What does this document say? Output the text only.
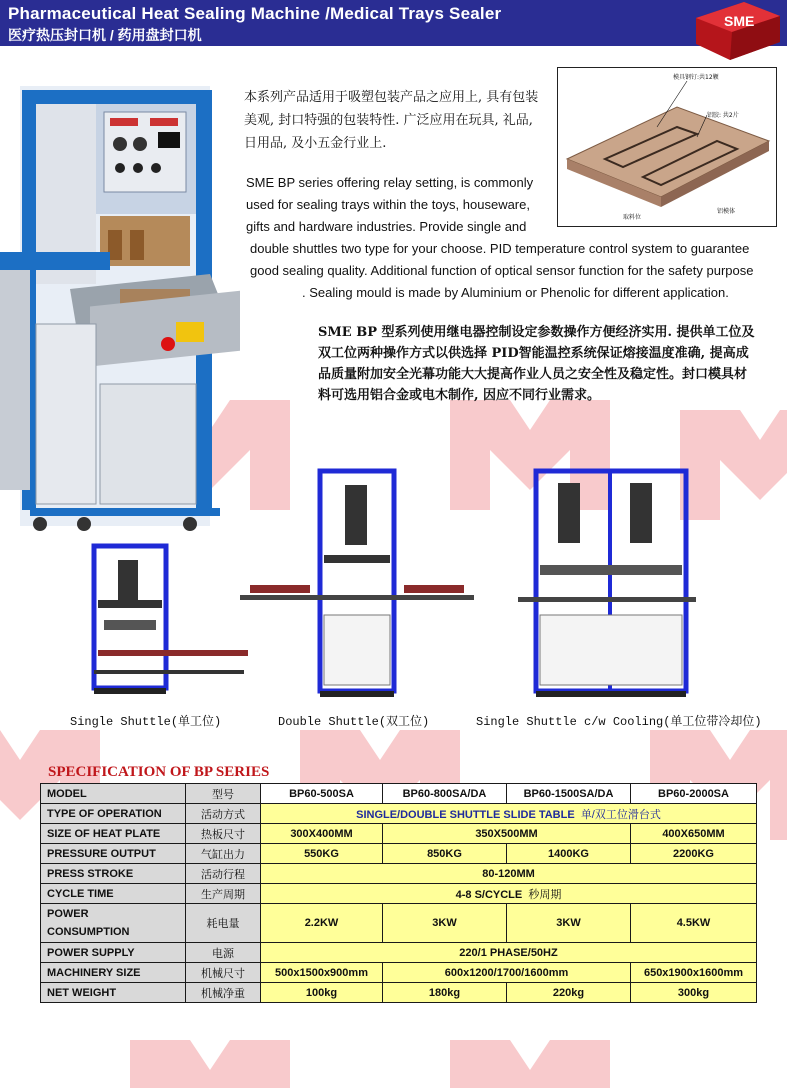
Pharmaceutical Heat Sealing Machine /Medical Trays Sealer
医疗热压封口机 / 药用盘封口机
SME
本系列产品适用于吸塑包装产品之应用上, 具有包装美观, 封口特强的包装特性. 广泛应用在玩具, 礼品, 日用品, 及小五金行业上.
SME BP series offering relay setting, is commonly
used for sealing trays within the toys, houseware,
gifts and hardware industries. Provide single and
double shuttles two type for your choose. PID temperature control system to guarantee
good sealing quality. Additional function of optical sensor function for the safety purpose
. Sealing mould is made by Aluminium or Phenolic for different application.
SME BP 型系列使用继电器控制设定参数操作方便经济实用. 提供单工位及双工位两种操作方式以供选择 PID智能温控系统保证熔接温度准确, 提高成品质量附加安全光幕功能大大提高作业人员之安全性及稳定性。封口模具材料可选用铝合金或电木制作, 因应不同行业需求。
模具钢钉:共12颗
铝胶: 共2片
铝模体
取料位
Single Shuttle(单工位)	Double Shuttle(双工位)	Single Shuttle c/w Cooling(单工位带冷却位)
SPECIFICATION OF BP SERIES
MODEL	型号	BP60-500SA	BP60-800SA/DA	BP60-1500SA/DA	BP60-2000SA
TYPE OF OPERATION	活动方式	SINGLE/DOUBLE SHUTTLE SLIDE TABLE 单/双工位滑台式			
SIZE OF HEAT PLATE	热板尺寸	300X400MM	350X500MM		400X650MM
PRESSURE OUTPUT	气缸出力	550KG	850KG	1400KG	2200KG
PRESS STROKE	活动行程	80-120MM			
CYCLE TIME	生产周期	4-8 S/CYCLE 秒周期			

POWER
CONSUMPTION	耗电量	2.2KW	3KW	3KW	4.5KW
POWER SUPPLY	电源	220/1 PHASE/50HZ			
MACHINERY SIZE	机械尺寸	500x1500x900mm	600x1200/1700/1600mm		650x1900x1600mm
NET WEIGHT	机械净重	100kg	180kg	220kg	300kg
